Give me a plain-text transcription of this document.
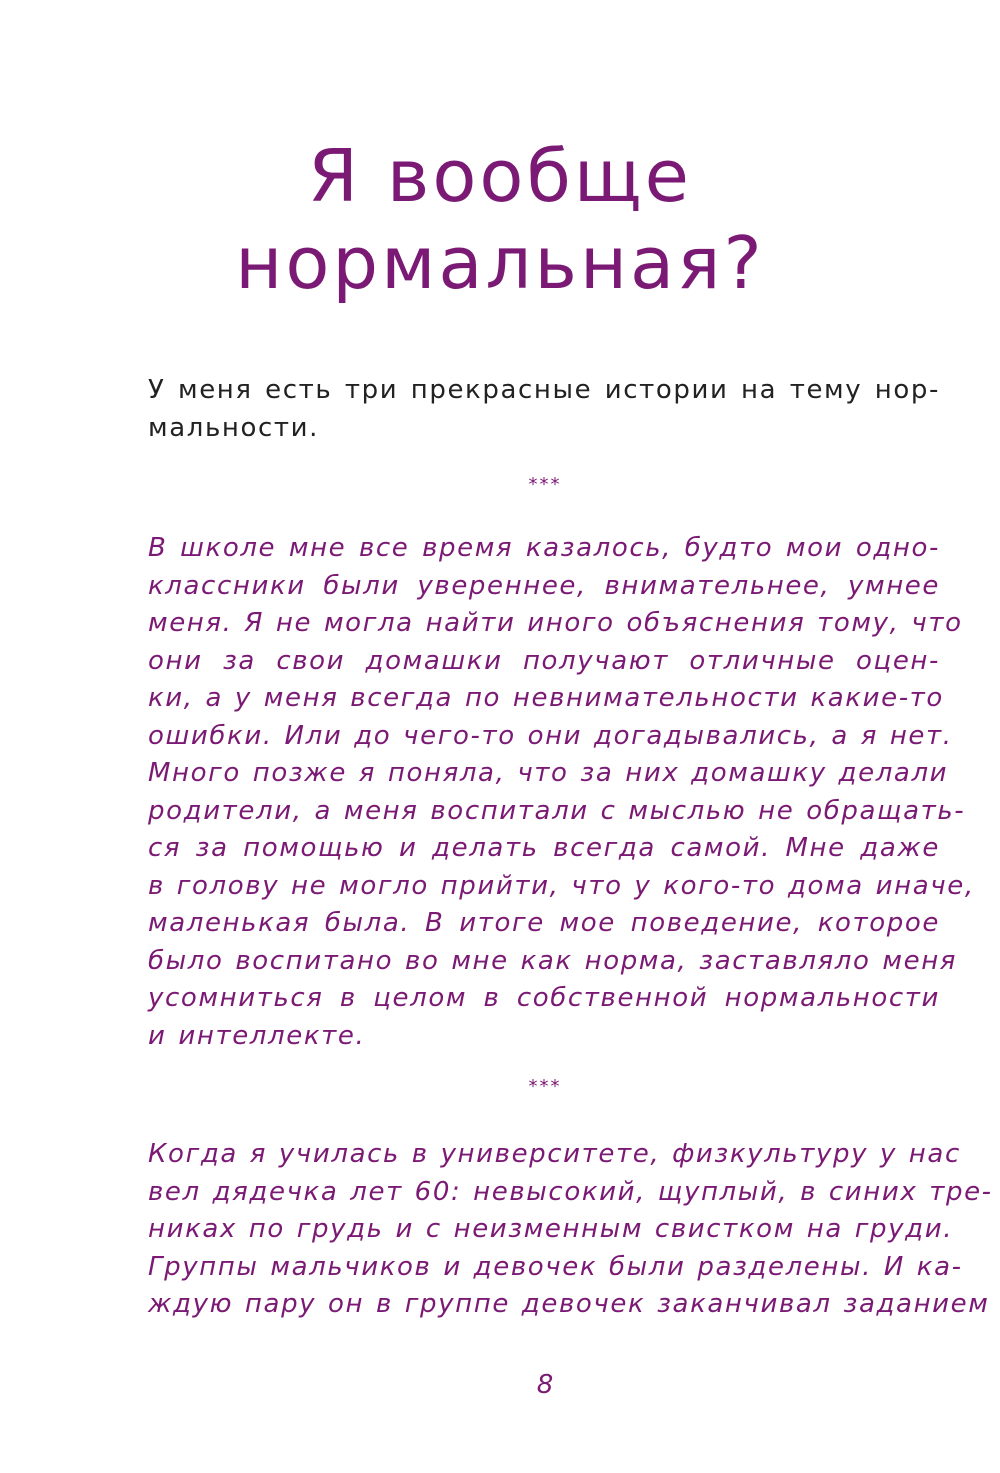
Я вообще
нормальная?

У меня есть три прекрасные истории на тему нор-
мальности.

***

В школе мне все время казалось, будто мои одно-
классники были увереннее, внимательнее, умнее
меня. Я не могла найти иного объяснения тому, что
они за свои домашки получают отличные оцен-
ки, а у меня всегда по невнимательности какие-то
ошибки. Или до чего-то они догадывались, а я нет.
Много позже я поняла, что за них домашку делали
родители, а меня воспитали с мыслью не обращать-
ся за помощью и делать всегда самой. Мне даже
в голову не могло прийти, что у кого-то дома иначе,
маленькая была. В итоге мое поведение, которое
было воспитано во мне как норма, заставляло меня
усомниться в целом в собственной нормальности
и интеллекте.

***

Когда я училась в университете, физкультуру у нас
вел дядечка лет 60: невысокий, щуплый, в синих тре-
никах по грудь и с неизменным свистком на груди.
Группы мальчиков и девочек были разделены. И ка-
ждую пару он в группе девочек заканчивал заданием

8
